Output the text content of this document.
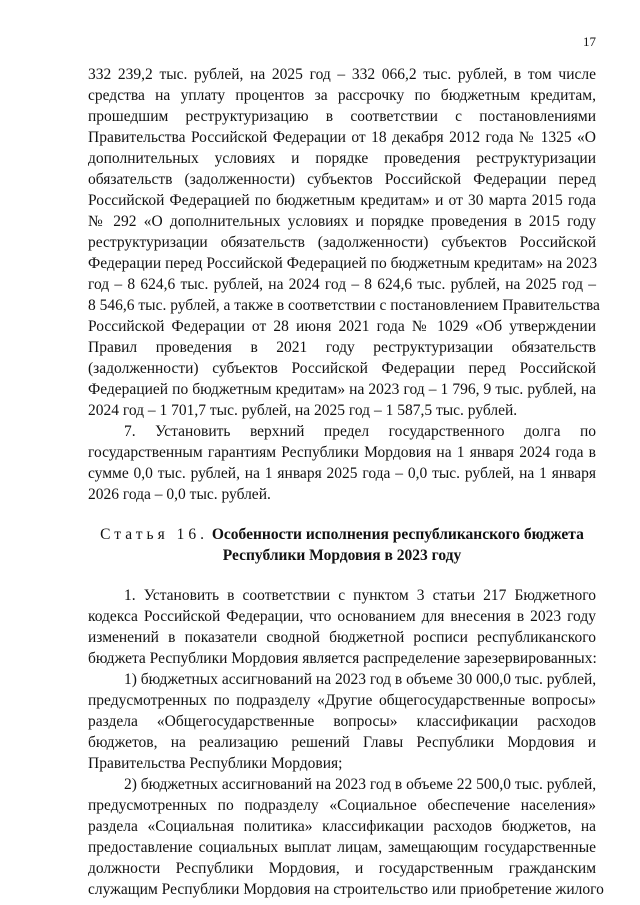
17
332 239,2 тыс. рублей, на 2025 год – 332 066,2 тыс. рублей, в том числе
средства на уплату процентов за рассрочку по бюджетным кредитам,
прошедшим реструктуризацию в соответствии с постановлениями
Правительства Российской Федерации от 18 декабря 2012 года № 1325 «О
дополнительных условиях и порядке проведения реструктуризации
обязательств (задолженности) субъектов Российской Федерации перед
Российской Федерацией по бюджетным кредитам» и от 30 марта 2015 года
№ 292 «О дополнительных условиях и порядке проведения в 2015 году
реструктуризации обязательств (задолженности) субъектов Российской
Федерации перед Российской Федерацией по бюджетным кредитам» на 2023
год – 8 624,6 тыс. рублей, на 2024 год – 8 624,6 тыс. рублей, на 2025 год –
8 546,6 тыс. рублей, а также в соответствии с постановлением Правительства
Российской Федерации от 28 июня 2021 года № 1029 «Об утверждении
Правил проведения в 2021 году реструктуризации обязательств
(задолженности) субъектов Российской Федерации перед Российской
Федерацией по бюджетным кредитам» на 2023 год – 1 796, 9 тыс. рублей, на
2024 год – 1 701,7 тыс. рублей, на 2025 год – 1 587,5 тыс. рублей.
7. Установить верхний предел государственного долга по
государственным гарантиям Республики Мордовия на 1 января 2024 года в
сумме 0,0 тыс. рублей, на 1 января 2025 года – 0,0 тыс. рублей, на 1 января
2026 года – 0,0 тыс. рублей.
Статья 16. Особенности исполнения республиканского бюджета
Республики Мордовия в 2023 году
1. Установить в соответствии с пунктом 3 статьи 217 Бюджетного
кодекса Российской Федерации, что основанием для внесения в 2023 году
изменений в показатели сводной бюджетной росписи республиканского
бюджета Республики Мордовия является распределение зарезервированных:
1) бюджетных ассигнований на 2023 год в объеме 30 000,0 тыс. рублей,
предусмотренных по подразделу «Другие общегосударственные вопросы»
раздела «Общегосударственные вопросы» классификации расходов
бюджетов, на реализацию решений Главы Республики Мордовия и
Правительства Республики Мордовия;
2) бюджетных ассигнований на 2023 год в объеме 22 500,0 тыс. рублей,
предусмотренных по подразделу «Социальное обеспечение населения»
раздела «Социальная политика» классификации расходов бюджетов, на
предоставление социальных выплат лицам, замещающим государственные
должности Республики Мордовия, и государственным гражданским
служащим Республики Мордовия на строительство или приобретение жилого
